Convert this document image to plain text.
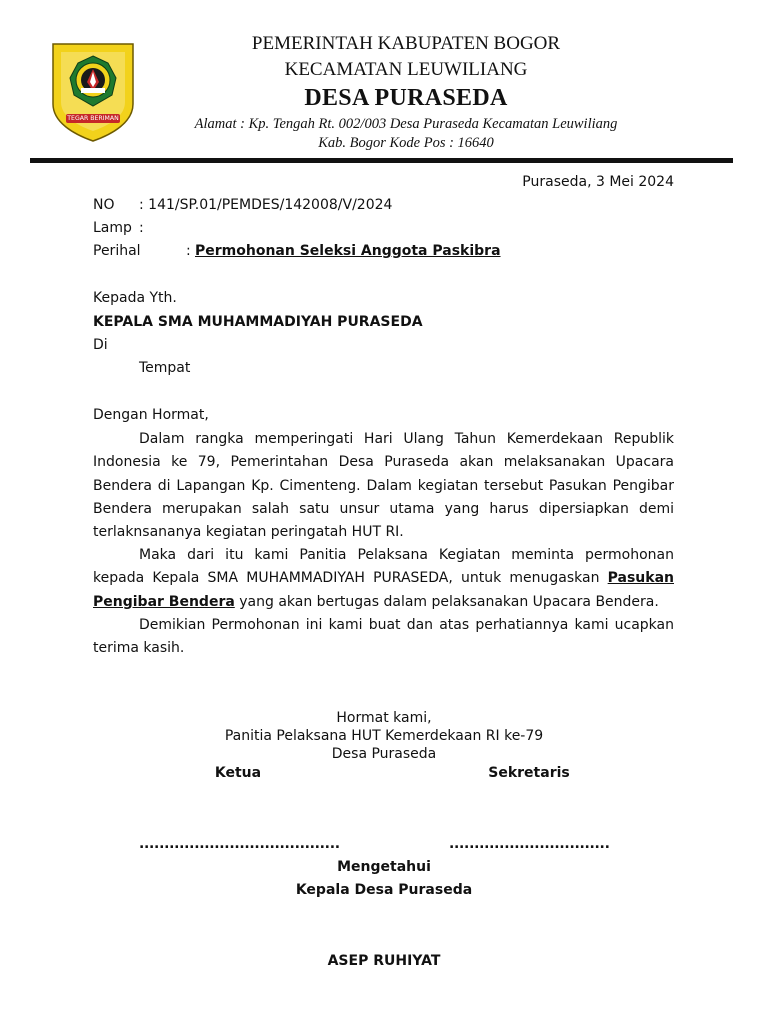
TEGAR BERIMAN
PEMERINTAH KABUPATEN BOGOR
KECAMATAN LEUWILIANG
DESA PURASEDA
Alamat : Kp. Tengah Rt. 002/003 Desa Puraseda Kecamatan Leuwiliang
Kab. Bogor Kode Pos : 16640
Puraseda, 3 Mei 2024
NO : 141/SP.01/PEMDES/142008/V/2024
Lamp :
Perihal	: Permohonan Seleksi Anggota Paskibra
Kepada Yth.
KEPALA SMA MUHAMMADIYAH PURASEDA
Di
Tempat
Dengan Hormat,
Dalam rangka memperingati Hari Ulang Tahun Kemerdekaan Republik Indonesia ke 79, Pemerintahan Desa Puraseda akan melaksanakan Upacara Bendera di Lapangan Kp. Cimenteng. Dalam kegiatan tersebut Pasukan Pengibar Bendera merupakan salah satu unsur utama yang harus dipersiapkan demi terlaknsananya kegiatan peringatah HUT RI.
Maka dari itu kami Panitia Pelaksana Kegiatan meminta permohonan kepada Kepala SMA MUHAMMADIYAH PURASEDA, untuk menugaskan Pasukan Pengibar Bendera yang akan bertugas dalam pelaksanakan Upacara Bendera.
Demikian Permohonan ini kami buat dan atas perhatiannya kami ucapkan terima kasih.
Hormat kami,
Panitia Pelaksana HUT Kemerdekaan RI ke-79
Desa Puraseda
Ketua	Sekretaris
........................................	................................
Mengetahui
Kepala Desa Puraseda
ASEP RUHIYAT
